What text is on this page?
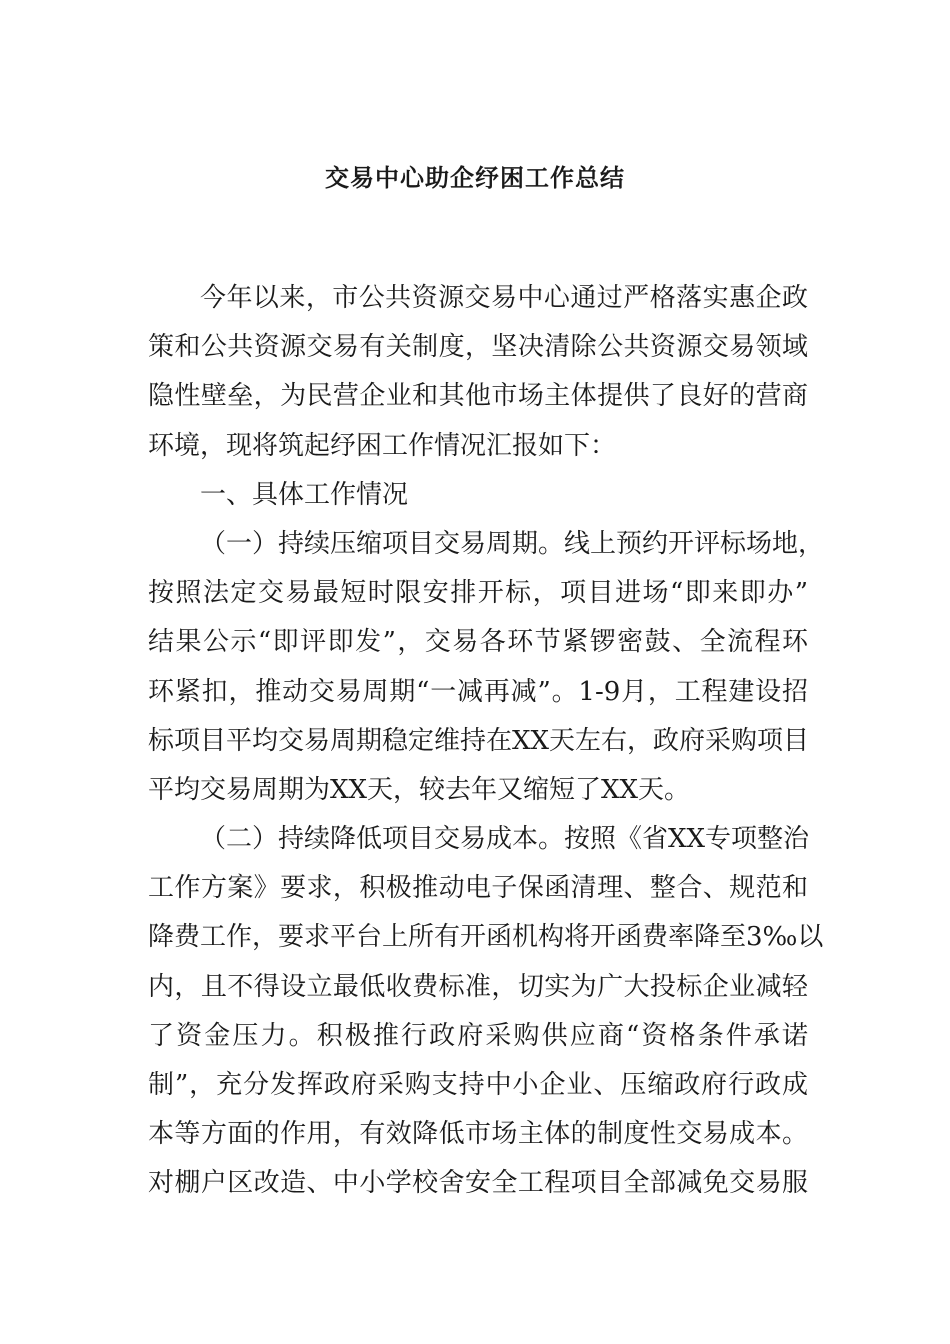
交易中心助企纾困工作总结
今年以来，市公共资源交易中心通过严格落实惠企政
策和公共资源交易有关制度，坚决清除公共资源交易领域
隐性壁垒，为民营企业和其他市场主体提供了良好的营商
环境，现将筑起纾困工作情况汇报如下：
一、具体工作情况
（一）持续压缩项目交易周期。线上预约开评标场地，
按照法定交易最短时限安排开标，项目进场“即来即办”
结果公示“即评即发”，交易各环节紧锣密鼓、全流程环
环紧扣，推动交易周期“一减再减”。1-9月，工程建设招
标项目平均交易周期稳定维持在XX天左右，政府采购项目
平均交易周期为XX天，较去年又缩短了XX天。
（二）持续降低项目交易成本。按照《省XX专项整治
工作方案》要求，积极推动电子保函清理、整合、规范和
降费工作，要求平台上所有开函机构将开函费率降至3‰以
内，且不得设立最低收费标准，切实为广大投标企业减轻
了资金压力。积极推行政府采购供应商“资格条件承诺
制”，充分发挥政府采购支持中小企业、压缩政府行政成
本等方面的作用，有效降低市场主体的制度性交易成本。
对棚户区改造、中小学校舍安全工程项目全部减免交易服
